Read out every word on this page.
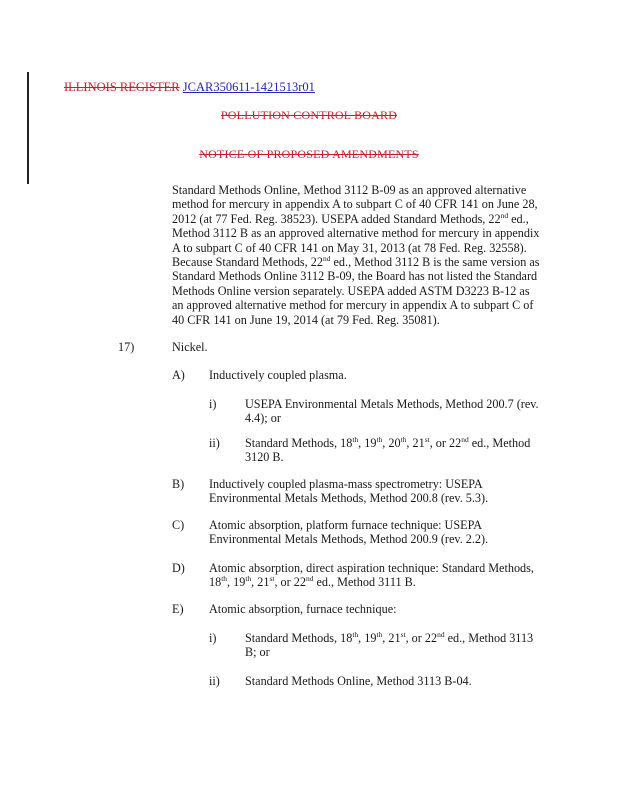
ILLINOIS REGISTER JCAR350611-1421513r01
POLLUTION CONTROL BOARD
NOTICE OF PROPOSED AMENDMENTS
Standard Methods Online, Method 3112 B-09 as an approved alternative method for mercury in appendix A to subpart C of 40 CFR 141 on June 28, 2012 (at 77 Fed. Reg. 38523). USEPA added Standard Methods, 22nd ed., Method 3112 B as an approved alternative method for mercury in appendix A to subpart C of 40 CFR 141 on May 31, 2013 (at 78 Fed. Reg. 32558). Because Standard Methods, 22nd ed., Method 3112 B is the same version as Standard Methods Online 3112 B-09, the Board has not listed the Standard Methods Online version separately. USEPA added ASTM D3223 B-12 as an approved alternative method for mercury in appendix A to subpart C of 40 CFR 141 on June 19, 2014 (at 79 Fed. Reg. 35081).
17)	Nickel.
A) Inductively coupled plasma.
i) USEPA Environmental Metals Methods, Method 200.7 (rev. 4.4); or
ii) Standard Methods, 18th, 19th, 20th, 21st, or 22nd ed., Method 3120 B.
B) Inductively coupled plasma-mass spectrometry: USEPA Environmental Metals Methods, Method 200.8 (rev. 5.3).
C) Atomic absorption, platform furnace technique: USEPA Environmental Metals Methods, Method 200.9 (rev. 2.2).
D) Atomic absorption, direct aspiration technique: Standard Methods, 18th, 19th, 21st, or 22nd ed., Method 3111 B.
E) Atomic absorption, furnace technique:
i) Standard Methods, 18th, 19th, 21st, or 22nd ed., Method 3113 B; or
ii) Standard Methods Online, Method 3113 B-04.
